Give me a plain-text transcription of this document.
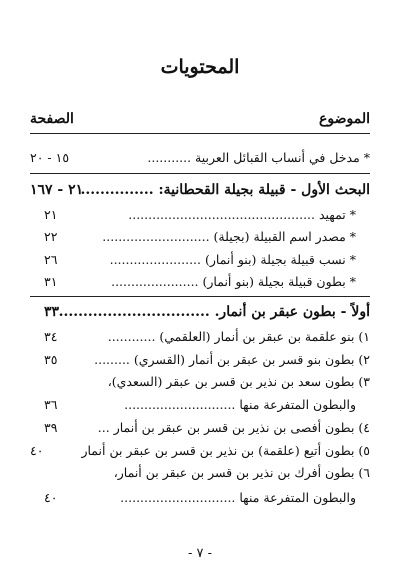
المحتويات
الموضوع
الصفحة
* مدخل في أنساب القبائل العربية ...........
١٥ - ٢٠
البحث الأول - قبيلة بجيلة القحطانية: ...............
٢١ - ١٦٧
* تمهيد ...............................................
٢١
* مصدر اسم القبيلة (بجيلة) ...........................
٢٢
* نسب قبيلة بجيلة (بنو أنمار) .......................
٢٦
* بطون قبيلة بجيلة (بنو أنمار) ......................
٣١
أولاً - بطون عبقر بن أنمار. ...............................
٣٣
١) بنو علقمة بن عبقر بن أنمار (العلقمي) ............
٣٤
٢) بطون بنو قسر بن عبقر بن أنمار (القسري) .........
٣٥
٣) بطون سعد بن نذير بن قسر بن عبقر (السعدي)،
والبطون المتفرعة منها ............................
٣٦
٤) بطون أفصى بن نذير بن قسر بن عبقر بن أنمار ...
٣٩
٥) بطون أتيع (علقمة) بن نذير بن قسر بن عبقر بن أنمار
٤٠
٦) بطون أفرك بن نذير بن قسر بن عبقر بن أنمار،
والبطون المتفرعة منها .............................
٤٠
- ٧ -
